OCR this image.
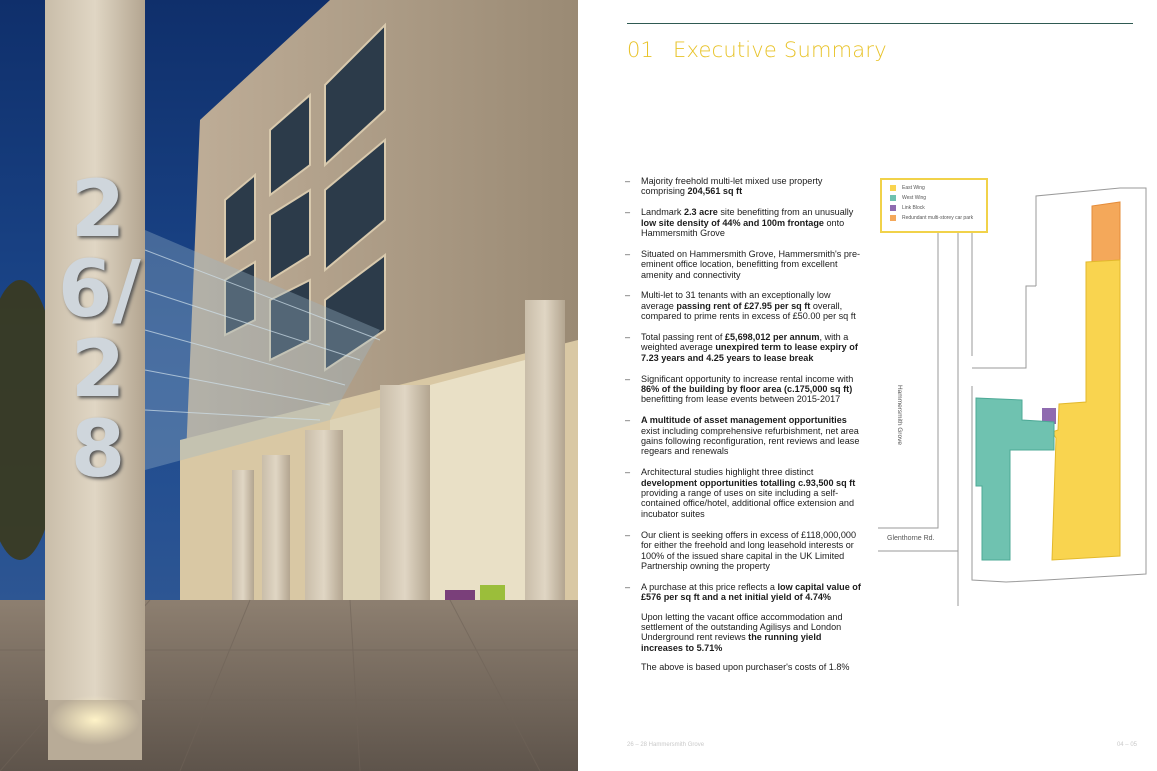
26/28
01 Executive Summary
– Majority freehold multi-let mixed use property comprising 204,561 sq ft

– Landmark 2.3 acre site benefitting from an unusually low site density of 44% and 100m frontage onto Hammersmith Grove

– Situated on Hammersmith Grove, Hammersmith's pre-eminent office location, benefitting from excellent amenity and connectivity

– Multi-let to 31 tenants with an exceptionally low average passing rent of £27.95 per sq ft overall, compared to prime rents in excess of £50.00 per sq ft

– Total passing rent of £5,698,012 per annum, with a weighted average unexpired term to lease expiry of 7.23 years and 4.25 years to lease break

– Significant opportunity to increase rental income with 86% of the building by floor area (c.175,000 sq ft) benefitting from lease events between 2015-2017

– A multitude of asset management opportunities exist including comprehensive refurbishment, net area gains following reconfiguration, rent reviews and lease regears and renewals

– Architectural studies highlight three distinct development opportunities totalling c.93,500 sq ft providing a range of uses on site including a self-contained office/hotel, additional office extension and incubator suites

– Our client is seeking offers in excess of £118,000,000 for either the freehold and long leasehold interests or 100% of the issued share capital in the UK Limited Partnership owning the property

– A purchase at this price reflects a low capital value of £576 per sq ft and a net initial yield of 4.74%

Upon letting the vacant office accommodation and settlement of the outstanding Agilisys and London Underground rent reviews the running yield increases to 5.71%

The above is based upon purchaser's costs of 1.8%

Hammersmith Grove
Glenthorne Rd.
East Wing
West Wing
Link Block
Redundant multi-storey car park
26 – 28 Hammersmith Grove	04 – 05
